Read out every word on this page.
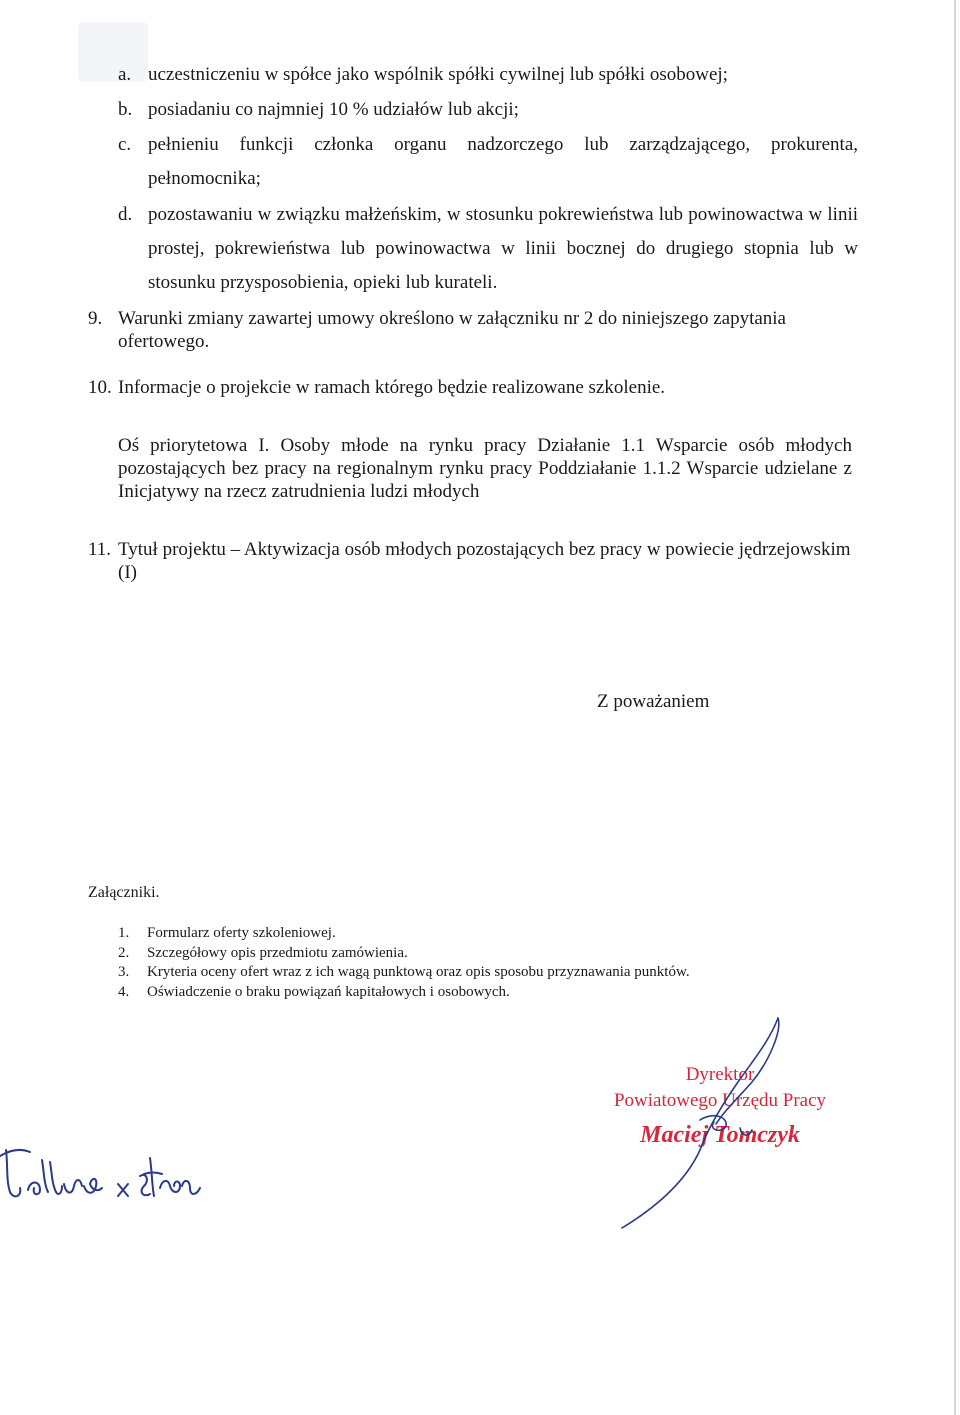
a. uczestniczeniu w spółce jako wspólnik spółki cywilnej lub spółki osobowej;
b. posiadaniu co najmniej 10 % udziałów lub akcji;
c. pełnieniu funkcji członka organu nadzorczego lub zarządzającego, prokurenta, pełnomocnika;
d. pozostawaniu w związku małżeńskim, w stosunku pokrewieństwa lub powinowactwa w linii prostej, pokrewieństwa lub powinowactwa w linii bocznej do drugiego stopnia lub w stosunku przysposobienia, opieki lub kurateli.
9. Warunki zmiany zawartej umowy określono w załączniku nr 2 do niniejszego zapytania ofertowego.
10. Informacje o projekcie w ramach którego będzie realizowane szkolenie.
Oś priorytetowa I. Osoby młode na rynku pracy Działanie 1.1 Wsparcie osób młodych pozostających bez pracy na regionalnym rynku pracy Poddziałanie 1.1.2 Wsparcie udzielane z Inicjatywy na rzecz zatrudnienia ludzi młodych
11. Tytuł projektu – Aktywizacja osób młodych pozostających bez pracy w powiecie jędrzejowskim (I)
Z poważaniem
Załączniki.
1. Formularz oferty szkoleniowej.
2. Szczegółowy opis przedmiotu zamówienia.
3. Kryteria oceny ofert wraz z ich wagą punktową oraz opis sposobu przyznawania punktów.
4. Oświadczenie o braku powiązań kapitałowych i osobowych.
Dyrektor
Powiatowego Urzędu Pracy
Maciej Tomczyk
